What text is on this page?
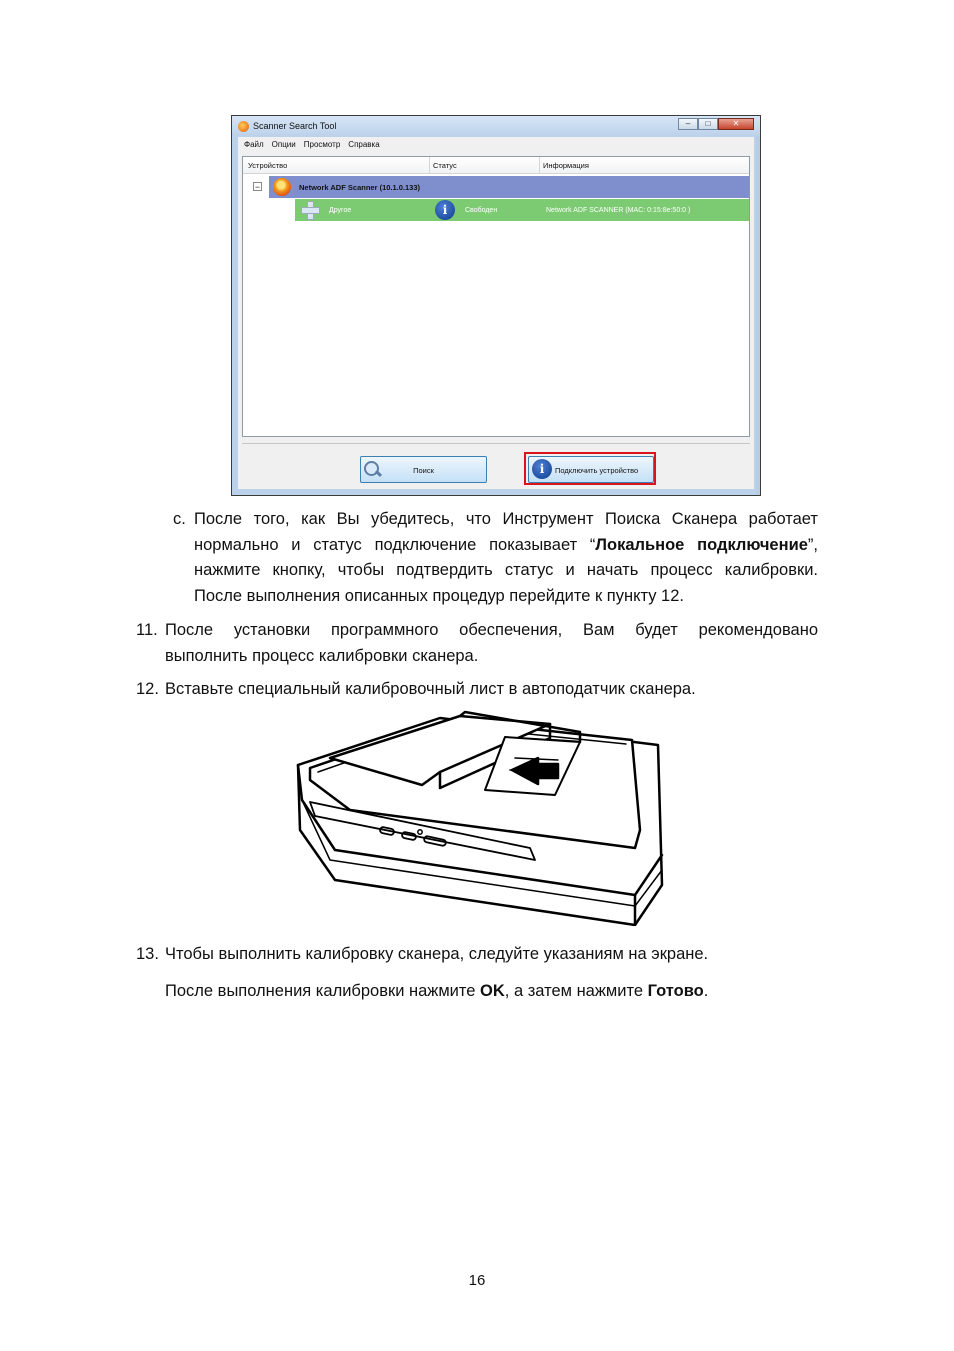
Scanner Search Tool	–	□	✕
Файл	Опции	Просмотр	Справка
Устройство	Статус	Информация
−	Network ADF Scanner (10.1.0.133)
Другое	i	Свободен	Network ADF SCANNER (MAC: 0:15:8e:50:0 )
Поиск	i	Подключить устройство
c. После того, как Вы убедитесь, что Инструмент Поиска Сканера работает
нормально и статус подключение показывает “Локальное подключение”,
нажмите кнопку, чтобы подтвердить статус и начать процесс калибровки.
После выполнения описанных процедур перейдите к пункту 12.
11. После установки программного обеспечения, Вам будет рекомендовано
выполнить процесс калибровки сканера.
12. Вставьте специальный калибровочный лист в автоподатчик сканера.
13. Чтобы выполнить калибровку сканера, следуйте указаниям на экране.
После выполнения калибровки нажмите OK, а затем нажмите Готово.
16
